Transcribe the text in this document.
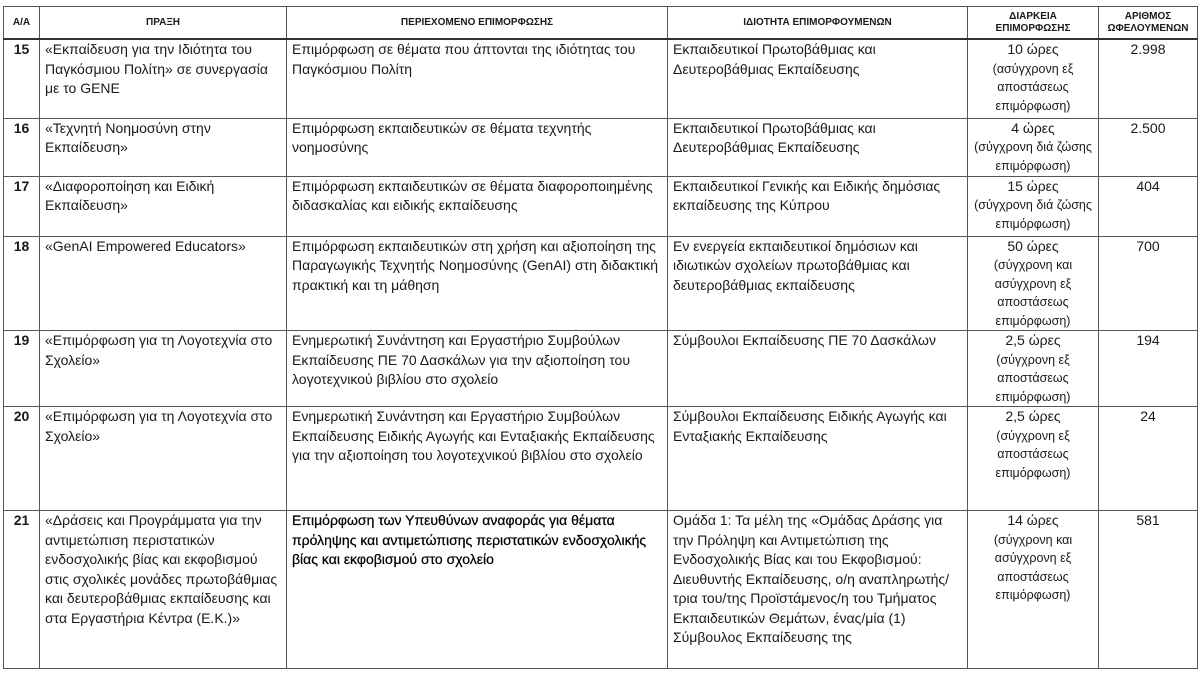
Α/Α	ΠΡΑΞΗ	ΠΕΡΙΕΧΟΜΕΝΟ ΕΠΙΜΟΡΦΩΣΗΣ	ΙΔΙΟΤΗΤΑ ΕΠΙΜΟΡΦΟΥΜΕΝΩΝ	ΔΙΑΡΚΕΙΑ
ΕΠΙΜΟΡΦΩΣΗΣ	ΑΡΙΘΜΟΣ
ΩΦΕΛΟΥΜΕΝΩΝ
15	«Εκπαίδευση για την Ιδιότητα του Παγκόσμιου Πολίτη» σε συνεργασία με το GENE	Επιμόρφωση σε θέματα που άπτονται της ιδιότητας του Παγκόσμιου Πολίτη	Εκπαιδευτικοί Πρωτοβάθμιας και Δευτεροβάθμιας Εκπαίδευσης	10 ώρες
(ασύγχρονη εξ αποστάσεως επιμόρφωση)	2.998
16	«Τεχνητή Νοημοσύνη στην Εκπαίδευση»	Επιμόρφωση εκπαιδευτικών σε θέματα τεχνητής νοημοσύνης	Εκπαιδευτικοί Πρωτοβάθμιας και Δευτεροβάθμιας Εκπαίδευσης	4 ώρες
(σύγχρονη διά ζώσης επιμόρφωση)	2.500
17	«Διαφοροποίηση και Ειδική Εκπαίδευση»	Επιμόρφωση εκπαιδευτικών σε θέματα διαφοροποιημένης διδασκαλίας και ειδικής εκπαίδευσης	Εκπαιδευτικοί Γενικής και Ειδικής δημόσιας εκπαίδευσης της Κύπρου	15 ώρες
(σύγχρονη διά ζώσης επιμόρφωση)	404
18	«GenAI Empowered Educators»	Επιμόρφωση εκπαιδευτικών στη χρήση και αξιοποίηση της Παραγωγικής Τεχνητής Νοημοσύνης (GenAI) στη διδακτική πρακτική και τη μάθηση	Εν ενεργεία εκπαιδευτικοί δημόσιων και ιδιωτικών σχολείων πρωτοβάθμιας και δευτεροβάθμιας εκπαίδευσης	50 ώρες
(σύγχρονη και ασύγχρονη εξ αποστάσεως επιμόρφωση)	700
19	«Επιμόρφωση για τη Λογοτεχνία στο Σχολείο»	Ενημερωτική Συνάντηση και Εργαστήριο Συμβούλων Εκπαίδευσης ΠΕ 70 Δασκάλων για την αξιοποίηση του λογοτεχνικού βιβλίου στο σχολείο	Σύμβουλοι Εκπαίδευσης ΠΕ 70 Δασκάλων	2,5 ώρες
(σύγχρονη εξ αποστάσεως επιμόρφωση)	194
20	«Επιμόρφωση για τη Λογοτεχνία στο Σχολείο»	Ενημερωτική Συνάντηση και Εργαστήριο Συμβούλων Εκπαίδευσης Ειδικής Αγωγής και Ενταξιακής Εκπαίδευσης για την αξιοποίηση του λογοτεχνικού βιβλίου στο σχολείο	Σύμβουλοι Εκπαίδευσης Ειδικής Αγωγής και Ενταξιακής Εκπαίδευσης	2,5 ώρες
(σύγχρονη εξ αποστάσεως επιμόρφωση)	24
21	«Δράσεις και Προγράμματα για την αντιμετώπιση περιστατικών ενδοσχολικής βίας και εκφοβισμού στις σχολικές μονάδες πρωτοβάθμιας και δευτεροβάθμιας εκπαίδευσης και στα Εργαστήρια Κέντρα (Ε.Κ.)»	Επιμόρφωση των Υπευθύνων αναφοράς για θέματα πρόληψης και αντιμετώπισης περιστατικών ενδοσχολικής βίας και εκφοβισμού στο σχολείο	Ομάδα 1: Τα μέλη της «Ομάδας Δράσης για την Πρόληψη και Αντιμετώπιση της Ενδοσχολικής Βίας και του Εκφοβισμού: Διευθυντής Εκπαίδευσης, ο/η αναπληρωτής/τρια του/της Προϊστάμενος/η του Τμήματος Εκπαιδευτικών Θεμάτων, ένας/μία (1) Σύμβουλος Εκπαίδευσης της	14 ώρες
(σύγχρονη και ασύγχρονη εξ αποστάσεως επιμόρφωση)	581
